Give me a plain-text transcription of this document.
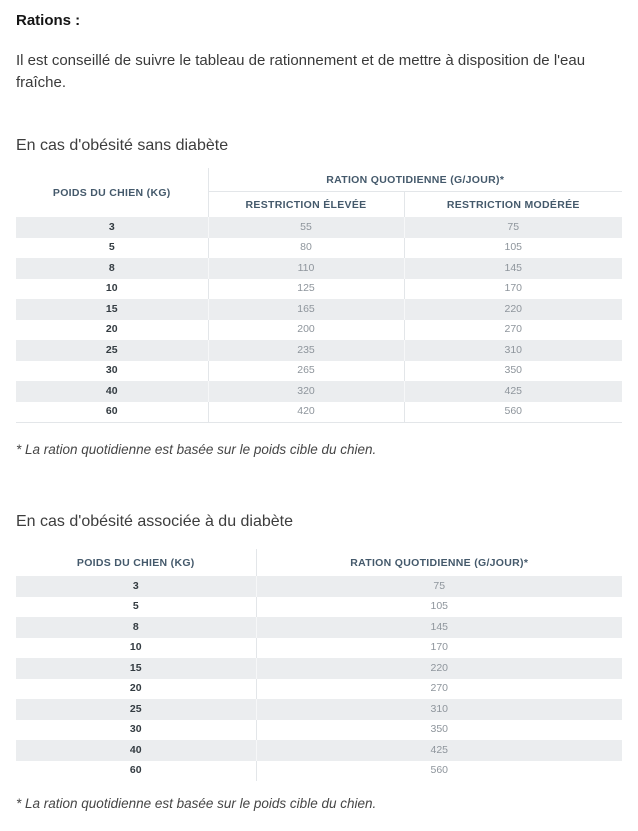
Rations :

Il est conseillé de suivre le tableau de rationnement et de mettre à disposition de l'eau fraîche.

En cas d'obésité sans diabète
POIDS DU CHIEN (KG)	RATION QUOTIDIENNE (G/JOUR)*	
	RESTRICTION ÉLEVÉE	RESTRICTION MODÉRÉE
3	55	75
5	80	105
8	110	145
10	125	170
15	165	220
20	200	270
25	235	310
30	265	350
40	320	425
60	420	560

* La ration quotidienne est basée sur le poids cible du chien.

En cas d'obésité associée à du diabète
POIDS DU CHIEN (KG)	RATION QUOTIDIENNE (G/JOUR)*
3	75
5	105
8	145
10	170
15	220
20	270
25	310
30	350
40	425
60	560

* La ration quotidienne est basée sur le poids cible du chien.
